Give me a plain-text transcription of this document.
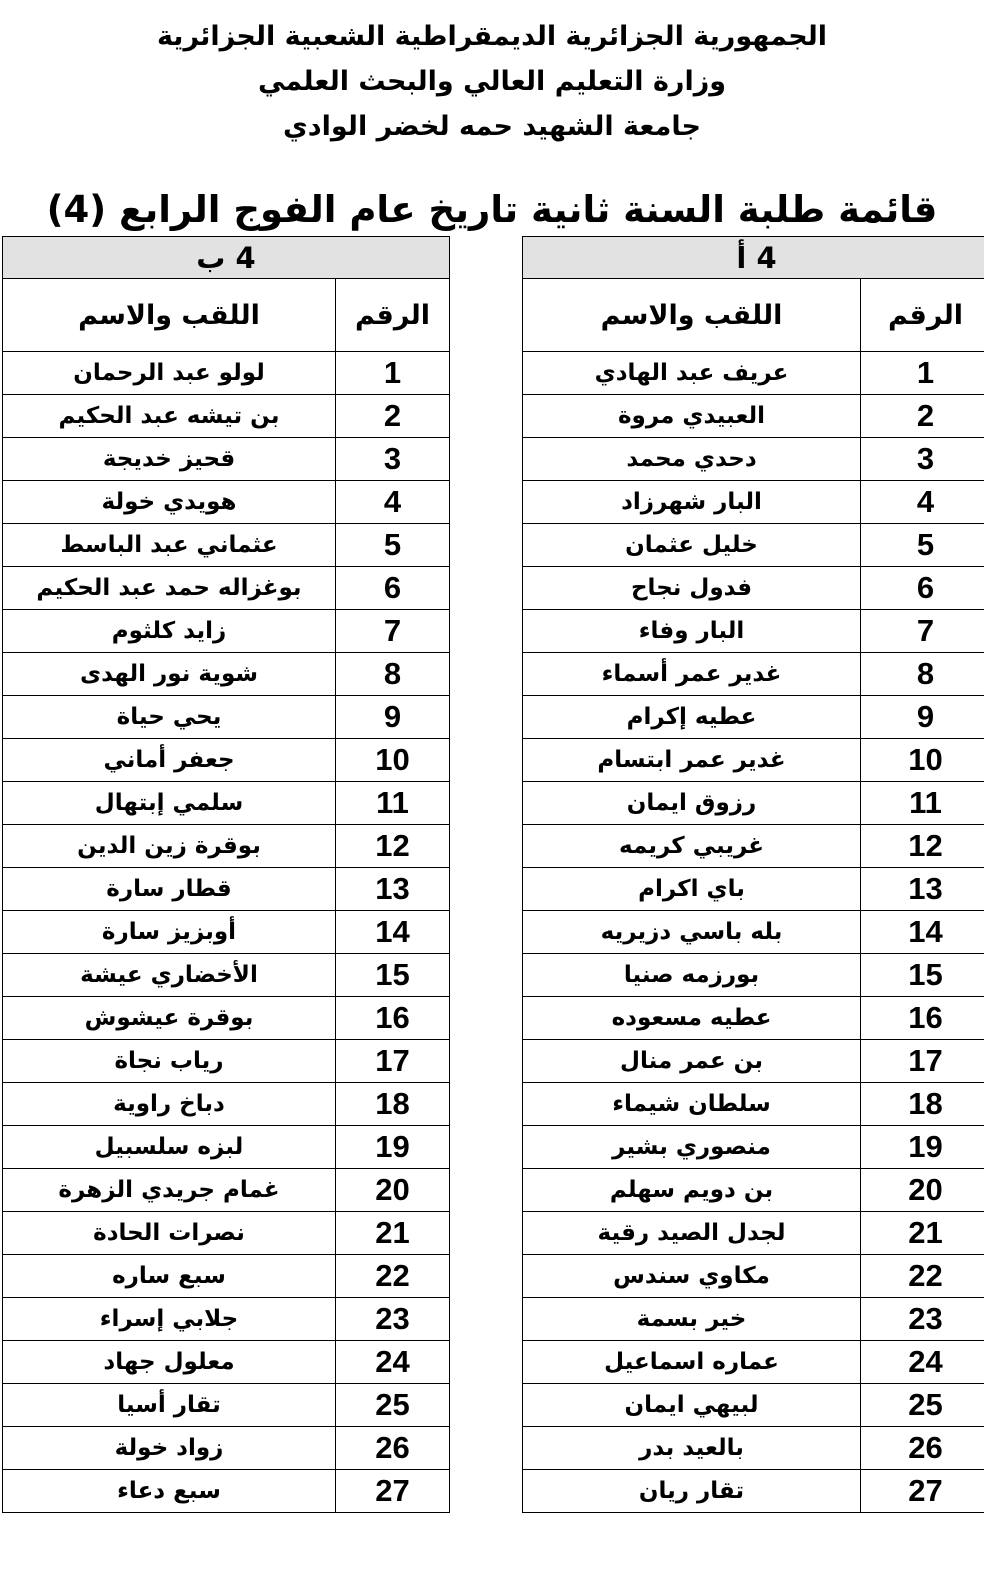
الجمهورية الجزائرية الديمقراطية الشعبية الجزائرية
وزارة التعليم العالي والبحث العلمي
جامعة الشهيد حمه لخضر الوادي
قائمة طلبة السنة ثانية تاريخ عام الفوج الرابع (4)
4 أ	
الرقم	اللقب والاسم
1	عريف عبد الهادي
2	العبيدي مروة
3	دحدي محمد
4	البار شهرزاد
5	خليل عثمان
6	فدول نجاح
7	البار وفاء
8	غدير عمر أسماء
9	عطيه إكرام
10	غدير عمر ابتسام
11	رزوق ايمان
12	غريبي كريمه
13	باي اكرام
14	بله باسي دزيريه
15	بورزمه صنيا
16	عطيه مسعوده
17	بن عمر منال
18	سلطان شيماء
19	منصوري بشير
20	بن دويم سهلم
21	لجدل الصيد رقية
22	مكاوي سندس
23	خير بسمة
24	عماره اسماعيل
25	لبيهي ايمان
26	بالعيد بدر
27	تقار ريان
4 ب	
الرقم	اللقب والاسم
1	لولو عبد الرحمان
2	بن تيشه عبد الحكيم
3	قحيز خديجة
4	هويدي خولة
5	عثماني عبد الباسط
6	بوغزاله حمد عبد الحكيم
7	زايد كلثوم
8	شوية نور الهدى
9	يحي حياة
10	جعفر أماني
11	سلمي إبتهال
12	بوقرة زين الدين
13	قطار سارة
14	أوبزيز سارة
15	الأخضاري عيشة
16	بوقرة عيشوش
17	رياب نجاة
18	دباخ راوية
19	لبزه سلسبيل
20	غمام جريدي الزهرة
21	نصرات الحادة
22	سبع ساره
23	جلابي إسراء
24	معلول جهاد
25	تقار أسيا
26	زواد خولة
27	سبع دعاء
